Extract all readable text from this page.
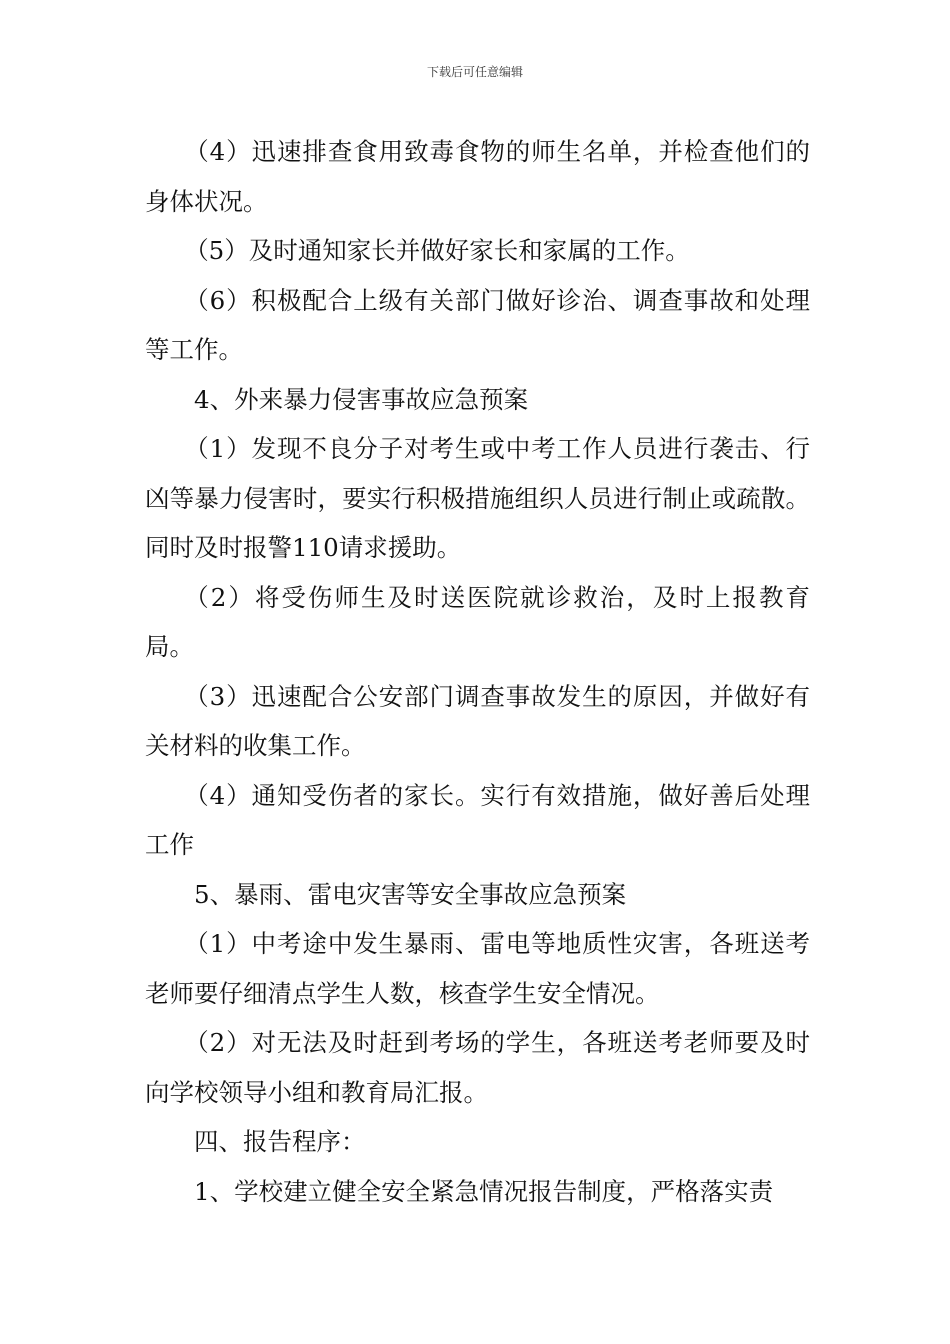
下载后可任意编辑

（4）迅速排查食用致毒食物的师生名单，并检查他们的身体状况。

（5）及时通知家长并做好家长和家属的工作。

（6）积极配合上级有关部门做好诊治、调查事故和处理等工作。

4、外来暴力侵害事故应急预案

（1）发现不良分子对考生或中考工作人员进行袭击、行凶等暴力侵害时，要实行积极措施组织人员进行制止或疏散。同时及时报警110请求援助。

（2）将受伤师生及时送医院就诊救治，及时上报教育局。

（3）迅速配合公安部门调查事故发生的原因，并做好有关材料的收集工作。

（4）通知受伤者的家长。实行有效措施，做好善后处理工作

5、暴雨、雷电灾害等安全事故应急预案

（1）中考途中发生暴雨、雷电等地质性灾害，各班送考老师要仔细清点学生人数，核查学生安全情况。

（2）对无法及时赶到考场的学生，各班送考老师要及时向学校领导小组和教育局汇报。

四、报告程序：

1、学校建立健全安全紧急情况报告制度，严格落实责
